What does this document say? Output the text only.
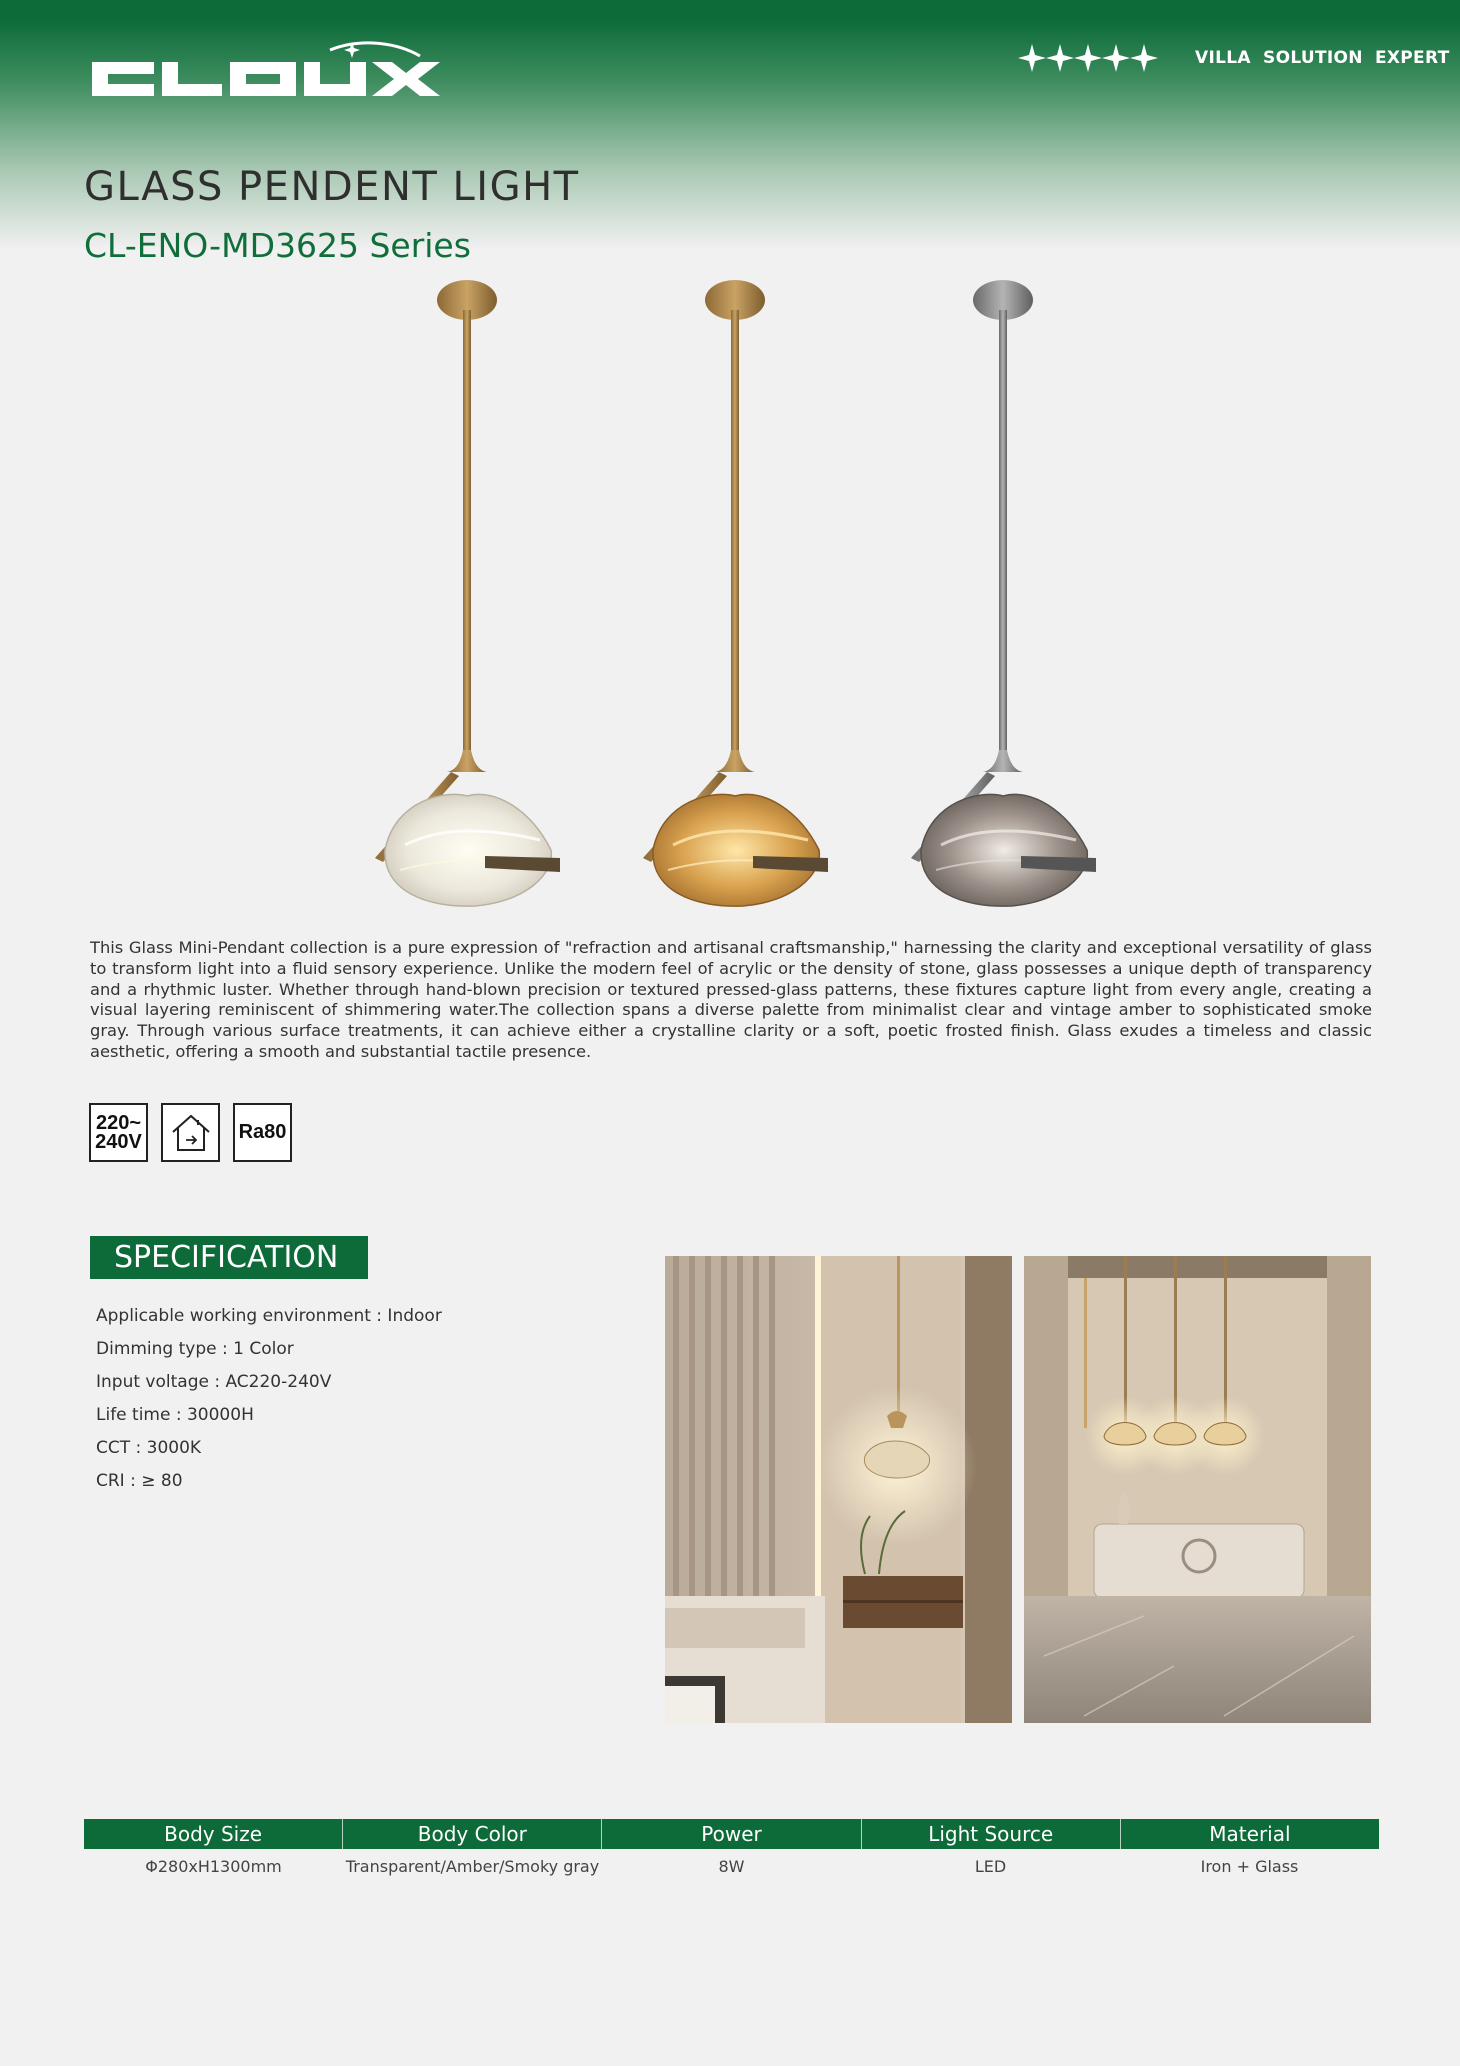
VILLA SOLUTION EXPERT
GLASS PENDENT LIGHT
CL-ENO-MD3625 Series
This Glass Mini-Pendant collection is a pure expression of "refraction and artisanal craftsmanship," harnessing the clarity and exceptional versatility of glass to transform light into a fluid sensory experience. Unlike the modern feel of acrylic or the density of stone, glass possesses a unique depth of transparency and a rhythmic luster. Whether through hand-blown precision or textured pressed-glass patterns, these fixtures capture light from every angle, creating a visual layering reminiscent of shimmering water.The collection spans a diverse palette from minimalist clear and vintage amber to sophisticated smoke gray. Through various surface treatments, it can achieve either a crystalline clarity or a soft, poetic frosted finish. Glass exudes a timeless and classic aesthetic, offering a smooth and substantial tactile presence.
220~
240V	Ra80
SPECIFICATION
Applicable working environment : Indoor
Dimming type : 1 Color
Input voltage : AC220-240V
Life time : 30000H
CCT : 3000K
CRI : ≥ 80
Body Size	Body Color	Power	Light Source	Material
Φ280xH1300mm	Transparent/Amber/Smoky gray	8W	LED	Iron + Glass
